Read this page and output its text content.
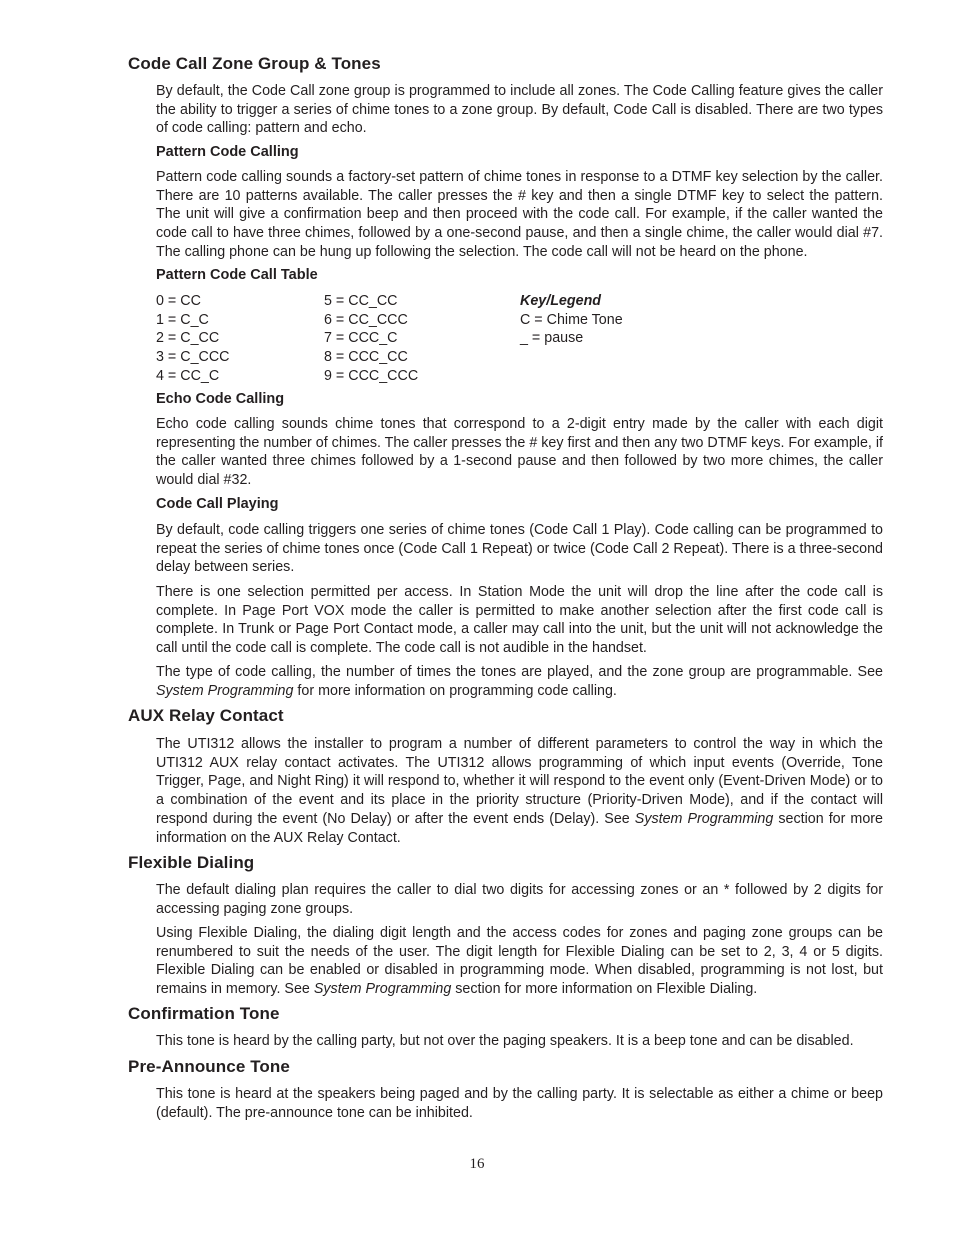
Code Call Zone Group & Tones

By default, the Code Call zone group is programmed to include all zones. The Code Calling feature gives the caller the ability to trigger a series of chime tones to a zone group. By default, Code Call is disabled. There are two types of code calling: pattern and echo.

Pattern Code Calling

Pattern code calling sounds a factory-set pattern of chime tones in response to a DTMF key selection by the caller. There are 10 patterns available. The caller presses the # key and then a single DTMF key to select the pattern. The unit will give a confirmation beep and then proceed with the code call. For example, if the caller wanted the code call to have three chimes, followed by a one-second pause, and then a single chime, the caller would dial #7. The calling phone can be hung up following the selection. The code call will not be heard on the phone.

Pattern Code Call Table
0 = CC
1 = C_C
2 = C_CC
3 = C_CCC
4 = CC_C
5 = CC_CC
6 = CC_CCC
7 = CCC_C
8 = CCC_CC
9 = CCC_CCC
Key/Legend
C = Chime Tone
_ = pause
Echo Code Calling

Echo code calling sounds chime tones that correspond to a 2-digit entry made by the caller with each digit representing the number of chimes. The caller presses the # key first and then any two DTMF keys. For example, if the caller wanted three chimes followed by a 1-second pause and then followed by two more chimes, the caller would dial #32.

Code Call Playing

By default, code calling triggers one series of chime tones (Code Call 1 Play). Code calling can be programmed to repeat the series of chime tones once (Code Call 1 Repeat) or twice (Code Call 2 Repeat). There is a three-second delay between series.

There is one selection permitted per access. In Station Mode the unit will drop the line after the code call is complete. In Page Port VOX mode the caller is permitted to make another selection after the first code call is complete. In Trunk or Page Port Contact mode, a caller may call into the unit, but the unit will not acknowledge the call until the code call is complete. The code call is not audible in the handset.

The type of code calling, the number of times the tones are played, and the zone group are programmable. See System Programming for more information on programming code calling.

AUX Relay Contact

The UTI312 allows the installer to program a number of different parameters to control the way in which the UTI312 AUX relay contact activates. The UTI312 allows programming of which input events (Override, Tone Trigger, Page, and Night Ring) it will respond to, whether it will respond to the event only (Event-Driven Mode) or to a combination of the event and its place in the priority structure (Priority-Driven Mode), and if the contact will respond during the event (No Delay) or after the event ends (Delay). See System Programming section for more information on the AUX Relay Contact.

Flexible Dialing

The default dialing plan requires the caller to dial two digits for accessing zones or an * followed by 2 digits for accessing paging zone groups.

Using Flexible Dialing, the dialing digit length and the access codes for zones and paging zone groups can be renumbered to suit the needs of the user. The digit length for Flexible Dialing can be set to 2, 3, 4 or 5 digits. Flexible Dialing can be enabled or disabled in programming mode. When disabled, programming is not lost, but remains in memory. See System Programming section for more information on Flexible Dialing.

Confirmation Tone

This tone is heard by the calling party, but not over the paging speakers. It is a beep tone and can be disabled.

Pre-Announce Tone

This tone is heard at the speakers being paged and by the calling party. It is selectable as either a chime or beep (default). The pre-announce tone can be inhibited.

16
